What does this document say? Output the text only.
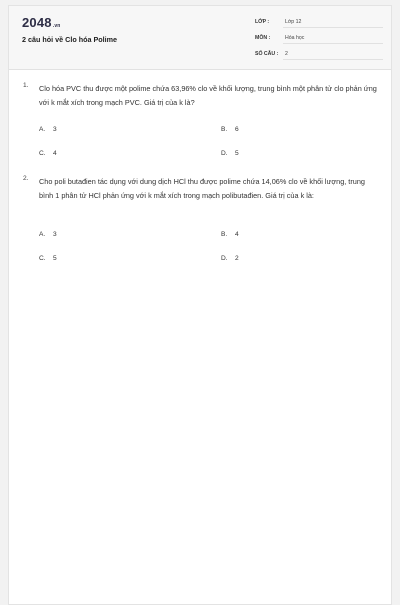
2048.vn
2 câu hỏi về Clo hóa Polime
LỚP :	Lớp 12
MÔN :	Hóa học
SỐ CÂU : 2
1. Clo hóa PVC thu được một polime chứa 63,96% clo về khối lượng, trung bình một phân tử clo phản ứng với k mắt xích trong mạch PVC. Giá trị của k là?
A. 3	B. 6
C. 4	D. 5
2. Cho poli butađien tác dụng với dung dịch HCl thu được polime chứa 14,06% clo về khối lượng, trung bình 1 phân tử HCl phản ứng với k mắt xích trong mạch polibutađien. Giá trị của k là:
A. 3	B. 4
C. 5	D. 2
